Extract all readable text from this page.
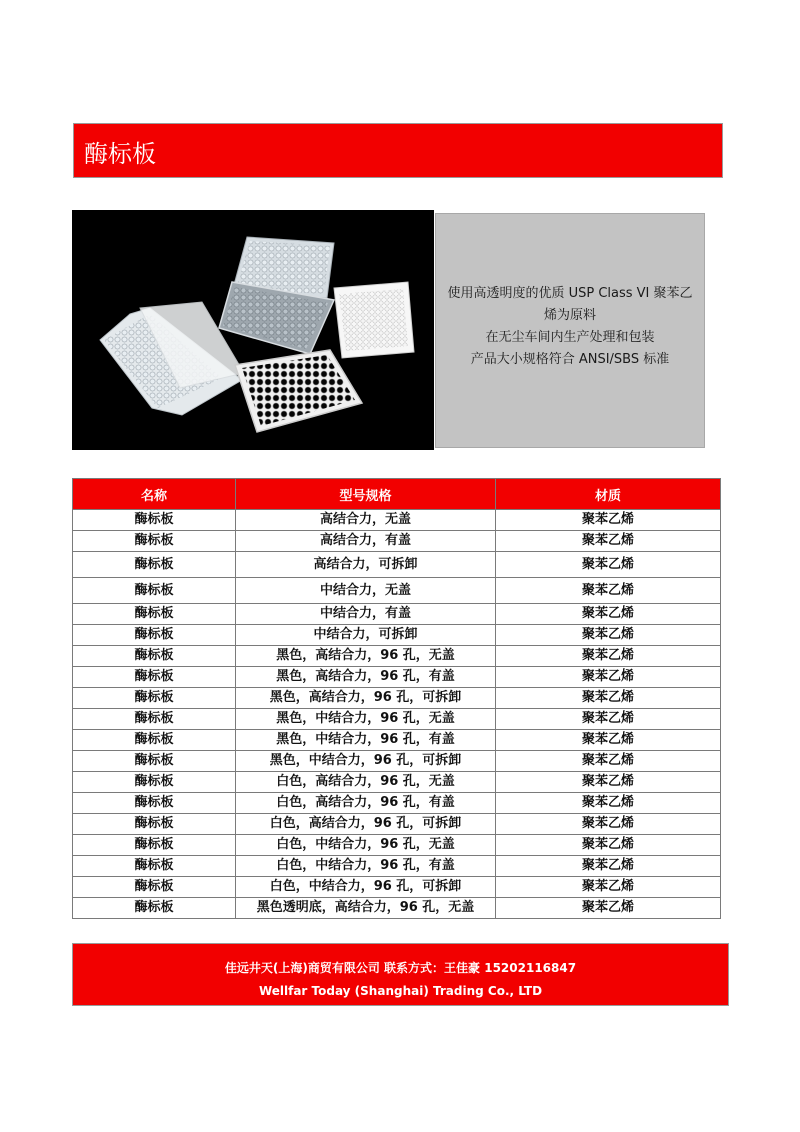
酶标板
使用高透明度的优质 USP Class VI 聚苯乙烯为原料
在无尘车间内生产处理和包装
产品大小规格符合 ANSI/SBS 标准
名称	型号规格	材质
酶标板	高结合力，无盖	聚苯乙烯
酶标板	高结合力，有盖	聚苯乙烯
酶标板	高结合力，可拆卸	聚苯乙烯
酶标板	中结合力，无盖	聚苯乙烯
酶标板	中结合力，有盖	聚苯乙烯
酶标板	中结合力，可拆卸	聚苯乙烯
酶标板	黑色，高结合力，96 孔，无盖	聚苯乙烯
酶标板	黑色，高结合力，96 孔，有盖	聚苯乙烯
酶标板	黑色，高结合力，96 孔，可拆卸	聚苯乙烯
酶标板	黑色，中结合力，96 孔，无盖	聚苯乙烯
酶标板	黑色，中结合力，96 孔，有盖	聚苯乙烯
酶标板	黑色，中结合力，96 孔，可拆卸	聚苯乙烯
酶标板	白色，高结合力，96 孔，无盖	聚苯乙烯
酶标板	白色，高结合力，96 孔，有盖	聚苯乙烯
酶标板	白色，高结合力，96 孔，可拆卸	聚苯乙烯
酶标板	白色，中结合力，96 孔，无盖	聚苯乙烯
酶标板	白色，中结合力，96 孔，有盖	聚苯乙烯
酶标板	白色，中结合力，96 孔，可拆卸	聚苯乙烯
酶标板	黑色透明底，高结合力，96 孔，无盖	聚苯乙烯
佳远井天(上海)商贸有限公司 联系方式：王佳豪 15202116847
Wellfar Today (Shanghai) Trading Co., LTD
